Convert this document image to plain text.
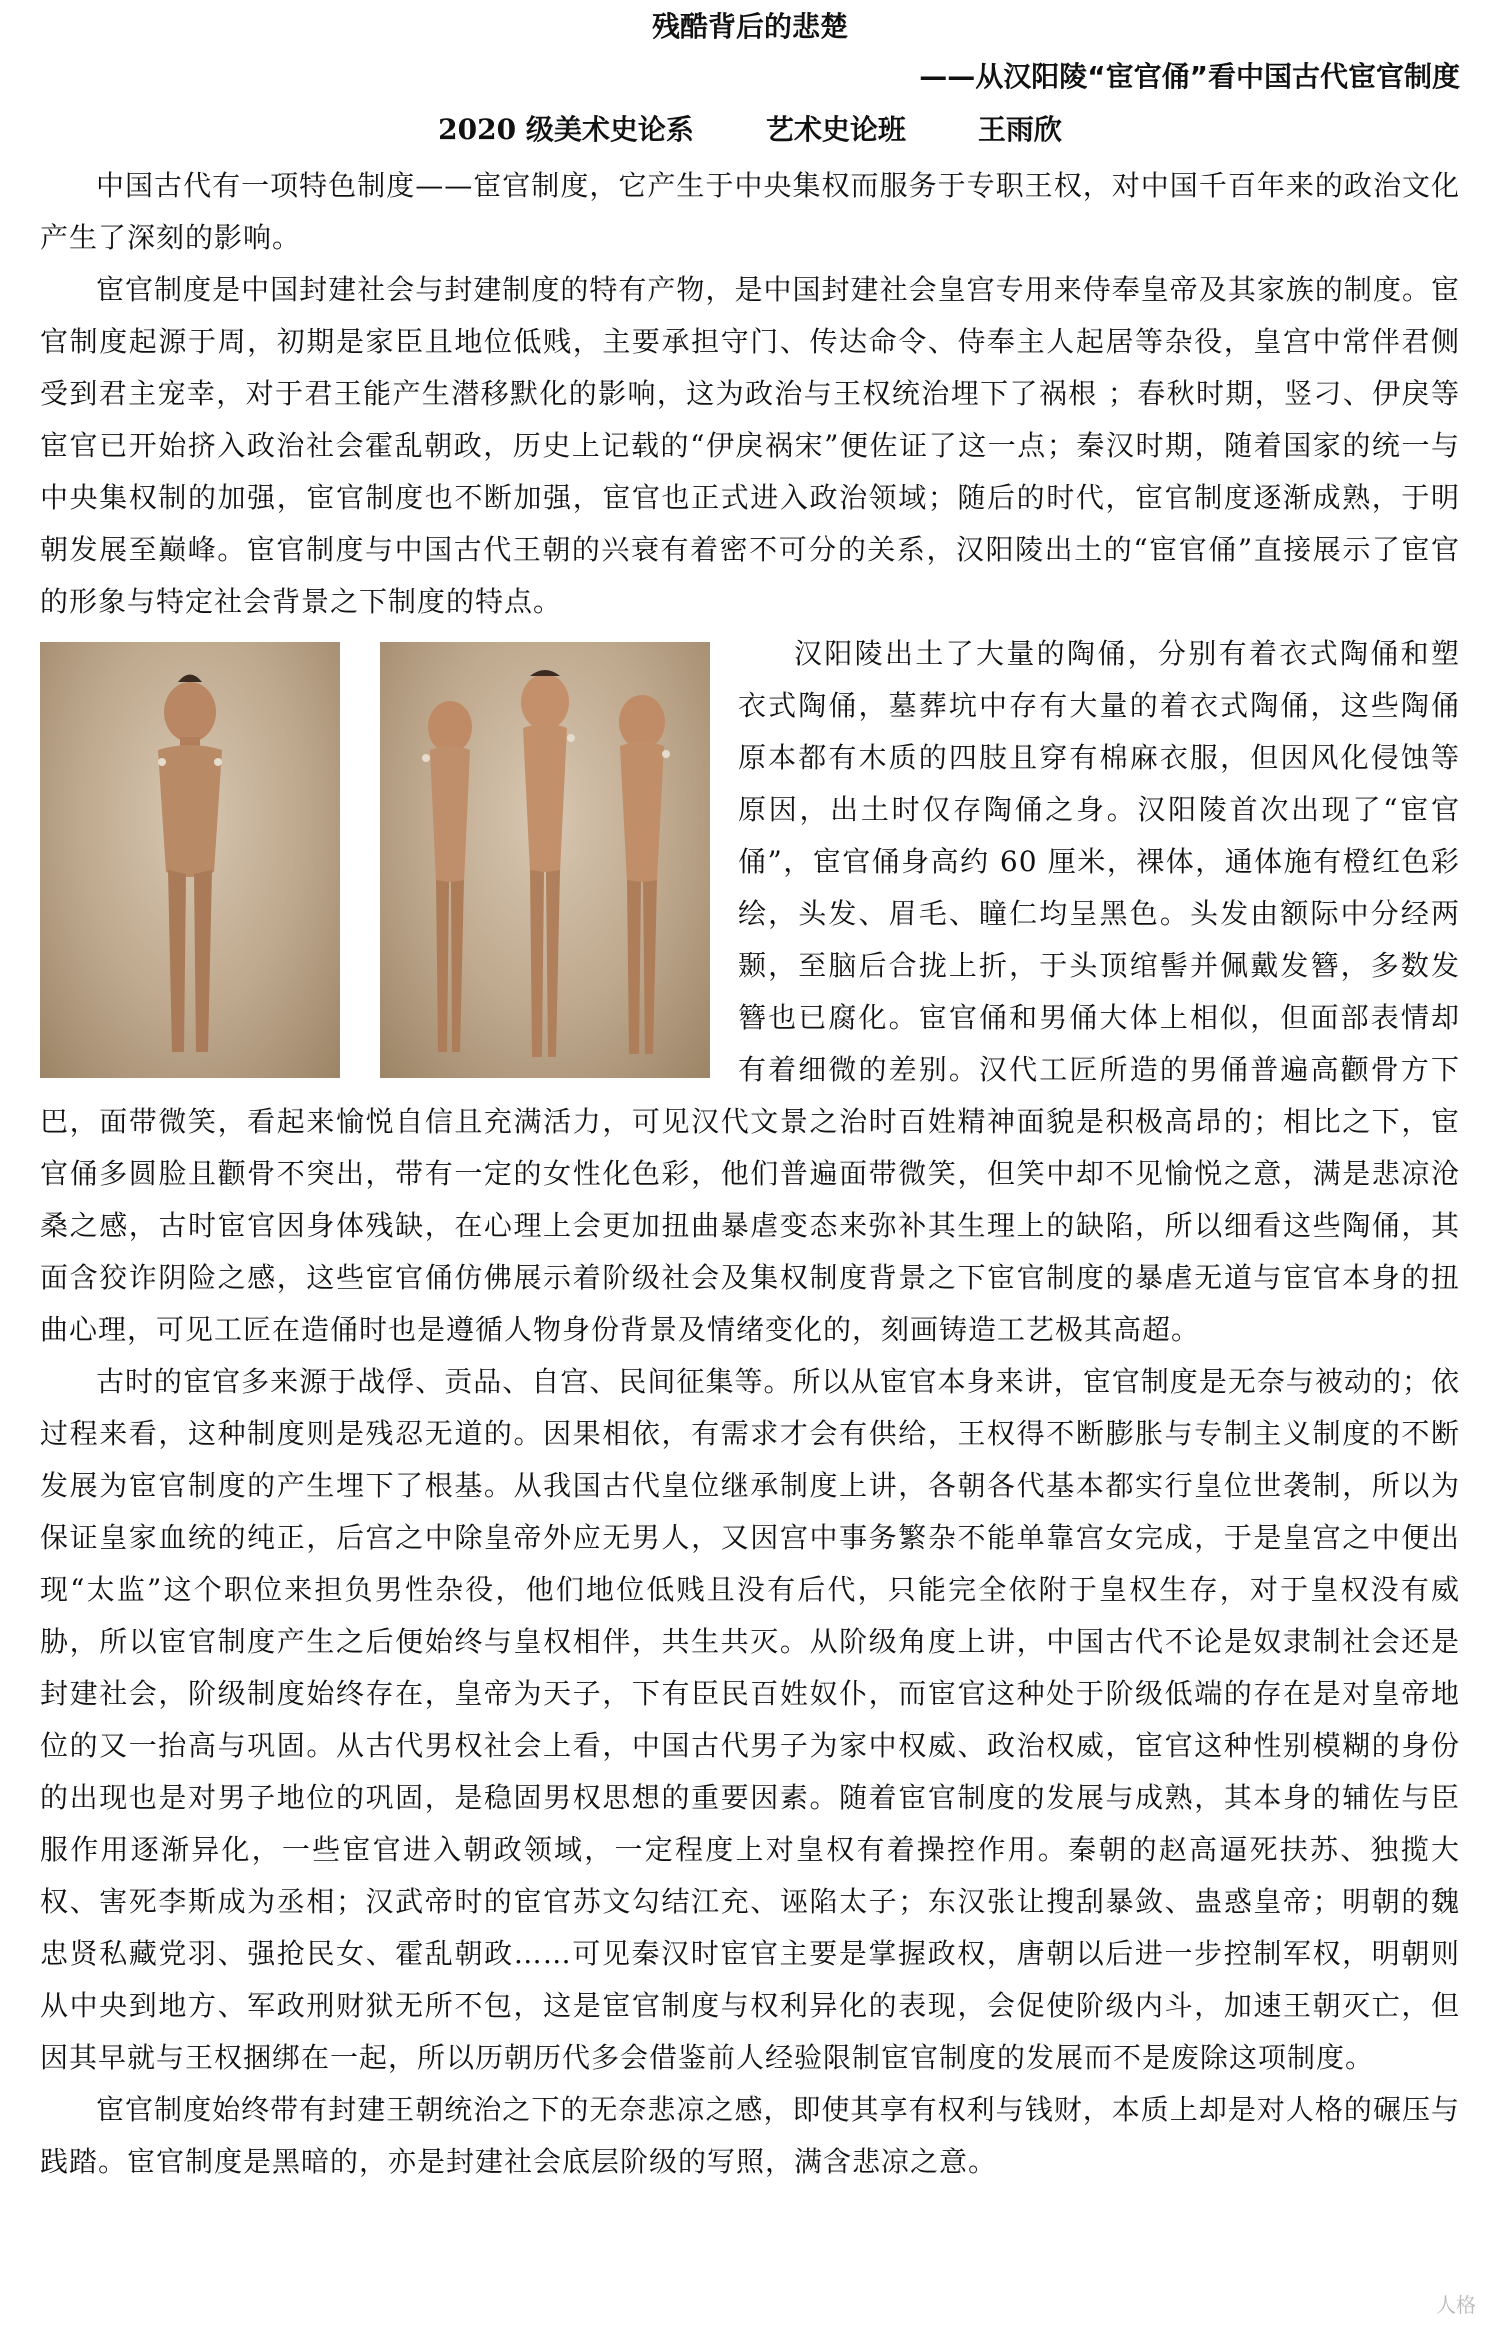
残酷背后的悲楚
——从汉阳陵“宦官俑”看中国古代宦官制度
2020 级美术史论系	艺术史论班	王雨欣

中国古代有一项特色制度——宦官制度，它产生于中央集权而服务于专职王权，对中国千百年来的政治文化产生了深刻的影响。

宦官制度是中国封建社会与封建制度的特有产物，是中国封建社会皇宫专用来侍奉皇帝及其家族的制度。宦官制度起源于周，初期是家臣且地位低贱，主要承担守门、传达命令、侍奉主人起居等杂役，皇宫中常伴君侧受到君主宠幸，对于君王能产生潜移默化的影响，这为政治与王权统治埋下了祸根 ；春秋时期，竖刁、伊戾等宦官已开始挤入政治社会霍乱朝政，历史上记载的“伊戾祸宋”便佐证了这一点；秦汉时期，随着国家的统一与中央集权制的加强，宦官制度也不断加强，宦官也正式进入政治领域；随后的时代，宦官制度逐渐成熟，于明朝发展至巅峰。宦官制度与中国古代王朝的兴衰有着密不可分的关系，汉阳陵出土的“宦官俑”直接展示了宦官的形象与特定社会背景之下制度的特点。

汉阳陵出土了大量的陶俑，分别有着衣式陶俑和塑衣式陶俑，墓葬坑中存有大量的着衣式陶俑，这些陶俑原本都有木质的四肢且穿有棉麻衣服，但因风化侵蚀等原因，出土时仅存陶俑之身。汉阳陵首次出现了“宦官俑”，宦官俑身高约 60 厘米，裸体，通体施有橙红色彩绘，头发、眉毛、瞳仁均呈黑色。头发由额际中分经两颞，至脑后合拢上折，于头顶绾髻并佩戴发簪，多数发簪也已腐化。宦官俑和男俑大体上相似，但面部表情却有着细微的差别。汉代工匠所造的男俑普遍高颧骨方下巴，面带微笑，看起来愉悦自信且充满活力，可见汉代文景之治时百姓精神面貌是积极高昂的；相比之下，宦官俑多圆脸且颧骨不突出，带有一定的女性化色彩，他们普遍面带微笑，但笑中却不见愉悦之意，满是悲凉沧桑之感，古时宦官因身体残缺，在心理上会更加扭曲暴虐变态来弥补其生理上的缺陷，所以细看这些陶俑，其面含狡诈阴险之感，这些宦官俑仿佛展示着阶级社会及集权制度背景之下宦官制度的暴虐无道与宦官本身的扭曲心理，可见工匠在造俑时也是遵循人物身份背景及情绪变化的，刻画铸造工艺极其高超。

古时的宦官多来源于战俘、贡品、自宫、民间征集等。所以从宦官本身来讲，宦官制度是无奈与被动的；依过程来看，这种制度则是残忍无道的。因果相依，有需求才会有供给，王权得不断膨胀与专制主义制度的不断发展为宦官制度的产生埋下了根基。从我国古代皇位继承制度上讲，各朝各代基本都实行皇位世袭制，所以为保证皇家血统的纯正，后宫之中除皇帝外应无男人，又因宫中事务繁杂不能单靠宫女完成，于是皇宫之中便出现“太监”这个职位来担负男性杂役，他们地位低贱且没有后代，只能完全依附于皇权生存，对于皇权没有威胁，所以宦官制度产生之后便始终与皇权相伴，共生共灭。从阶级角度上讲，中国古代不论是奴隶制社会还是封建社会，阶级制度始终存在，皇帝为天子，下有臣民百姓奴仆，而宦官这种处于阶级低端的存在是对皇帝地位的又一抬高与巩固。从古代男权社会上看，中国古代男子为家中权威、政治权威，宦官这种性别模糊的身份的出现也是对男子地位的巩固，是稳固男权思想的重要因素。随着宦官制度的发展与成熟，其本身的辅佐与臣服作用逐渐异化，一些宦官进入朝政领域，一定程度上对皇权有着操控作用。秦朝的赵高逼死扶苏、独揽大权、害死李斯成为丞相；汉武帝时的宦官苏文勾结江充、诬陷太子；东汉张让搜刮暴敛、蛊惑皇帝；明朝的魏忠贤私藏党羽、强抢民女、霍乱朝政……可见秦汉时宦官主要是掌握政权，唐朝以后进一步控制军权，明朝则从中央到地方、军政刑财狱无所不包，这是宦官制度与权利异化的表现，会促使阶级内斗，加速王朝灭亡，但因其早就与王权捆绑在一起，所以历朝历代多会借鉴前人经验限制宦官制度的发展而不是废除这项制度。

宦官制度始终带有封建王朝统治之下的无奈悲凉之感，即使其享有权利与钱财，本质上却是对人格的碾压与践踏。宦官制度是黑暗的，亦是封建社会底层阶级的写照，满含悲凉之意。

人格
